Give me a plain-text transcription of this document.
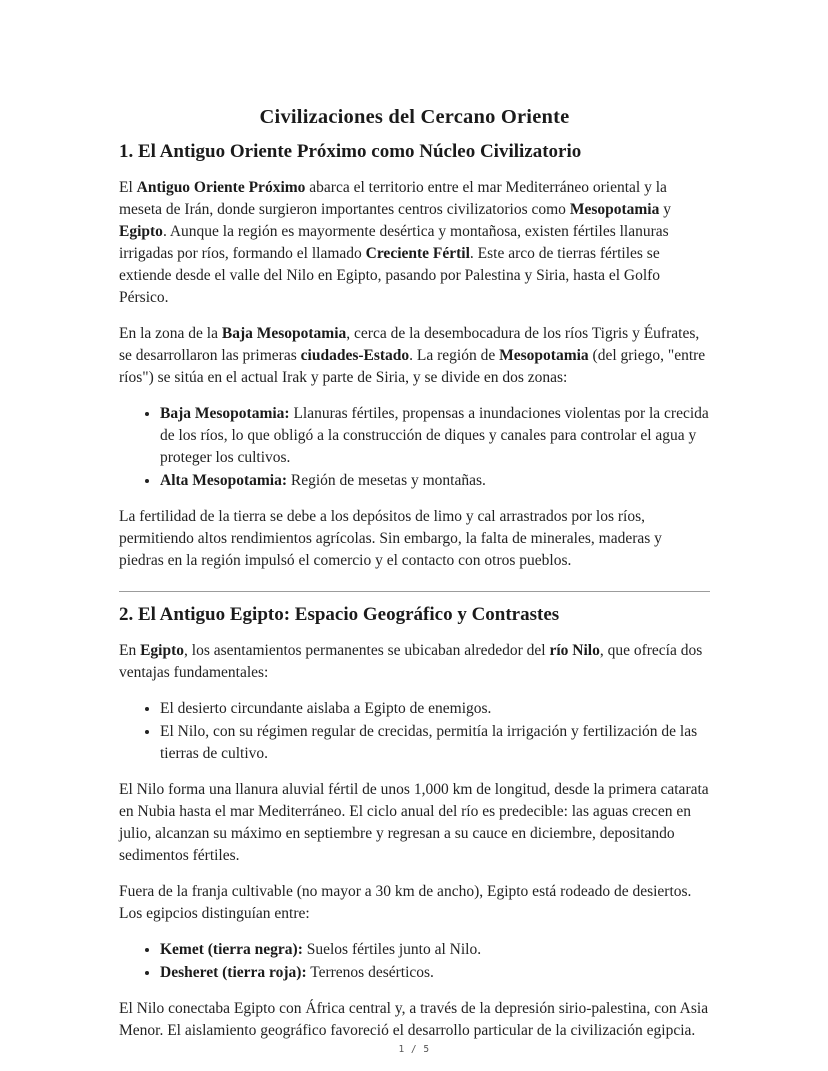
Civilizaciones del Cercano Oriente
1. El Antiguo Oriente Próximo como Núcleo Civilizatorio

El Antiguo Oriente Próximo abarca el territorio entre el mar Mediterráneo oriental y la meseta de Irán, donde surgieron importantes centros civilizatorios como Mesopotamia y Egipto. Aunque la región es mayormente desértica y montañosa, existen fértiles llanuras irrigadas por ríos, formando el llamado Creciente Fértil. Este arco de tierras fértiles se extiende desde el valle del Nilo en Egipto, pasando por Palestina y Siria, hasta el Golfo Pérsico.

En la zona de la Baja Mesopotamia, cerca de la desembocadura de los ríos Tigris y Éufrates, se desarrollaron las primeras ciudades-Estado. La región de Mesopotamia (del griego, "entre ríos") se sitúa en el actual Irak y parte de Siria, y se divide en dos zonas:

• Baja Mesopotamia: Llanuras fértiles, propensas a inundaciones violentas por la crecida de los ríos, lo que obligó a la construcción de diques y canales para controlar el agua y proteger los cultivos.
• Alta Mesopotamia: Región de mesetas y montañas.

La fertilidad de la tierra se debe a los depósitos de limo y cal arrastrados por los ríos, permitiendo altos rendimientos agrícolas. Sin embargo, la falta de minerales, maderas y piedras en la región impulsó el comercio y el contacto con otros pueblos.

2. El Antiguo Egipto: Espacio Geográfico y Contrastes

En Egipto, los asentamientos permanentes se ubicaban alrededor del río Nilo, que ofrecía dos ventajas fundamentales:

• El desierto circundante aislaba a Egipto de enemigos.
• El Nilo, con su régimen regular de crecidas, permitía la irrigación y fertilización de las tierras de cultivo.

El Nilo forma una llanura aluvial fértil de unos 1,000 km de longitud, desde la primera catarata en Nubia hasta el mar Mediterráneo. El ciclo anual del río es predecible: las aguas crecen en julio, alcanzan su máximo en septiembre y regresan a su cauce en diciembre, depositando sedimentos fértiles.

Fuera de la franja cultivable (no mayor a 30 km de ancho), Egipto está rodeado de desiertos. Los egipcios distinguían entre:

• Kemet (tierra negra): Suelos fértiles junto al Nilo.
• Desheret (tierra roja): Terrenos desérticos.

El Nilo conectaba Egipto con África central y, a través de la depresión sirio-palestina, con Asia Menor. El aislamiento geográfico favoreció el desarrollo particular de la civilización egipcia.

1 / 5
